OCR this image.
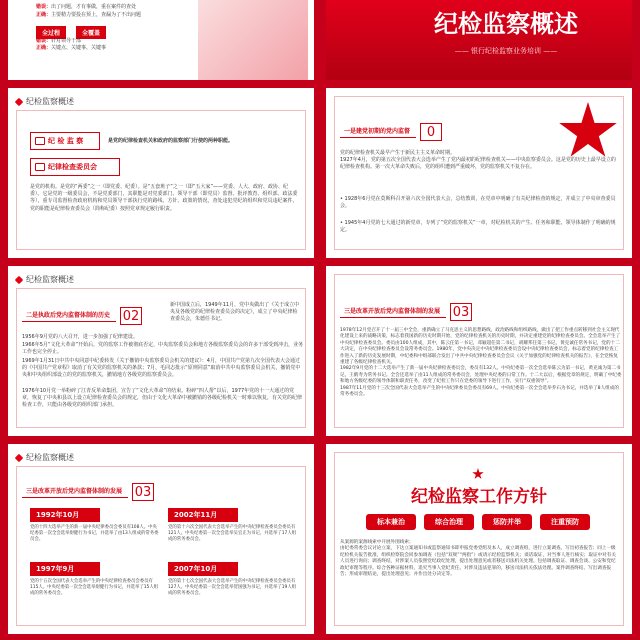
错误：出了问题，才有事做，重在案件的查处
正确：主要精力要投在预上，查漏为了不出问题
全过程	全覆盖
错误：针对领导干部
正确：关键点、关键事、关键事
纪检监察概述
—— 银行纪检监察业务培训 ——
纪检监察概述
纪 检 监 察	是党的纪律检查机关和政府的监察部门行使的两种职能。
纪律检查委员会
是党的机构。是党的“两委”之一（即党委、纪委）。是“五套班子”之一（即“五大家”——党委、人大、政府、政协、纪委）。它是党的一级委员会，不是党委部门，其职能是对党委部门、领导干部（即党员）监督、批评教育、组织部、政法委等），重专司监督检查政府机构和党员领导干部执行党的路线、方针、政策的情况，查处违犯党纪的组织和党员违纪案件，党的职能是纪律检查委员会（简称纪委）按照党章规定履行职责。
一是建党初期的党内监督	0
党的纪律检查机关最早产生于新民主主义革命时期。
1927年4月，党的第五次全国代表大会选举产生了党内最初的纪律检查机关——中央监察委员会。这是党的历史上最早设立的纪律检查机构。第一次大革命失败后，党的组织遭到严重破坏，党的监察机关不复存在。
• 1928年6月党在莫斯科召开第六次全国代表大会，总结教训，在党章中明确了有关纪律检查的规定，并成立了中央审查委员会。
• 1945年4月党的七大通过的新党章，专列了“党的监察机关”一章，对纪检机关的产生、任务和职能、领导体制作了明确的规定。
纪检监察概述
二是执政后党内监督体制的历史 02
新中国成立后，1949年11月，党中央做出了《关于成立中央及各级党的纪律检查委员会的决定》，成立了中央纪律检查委员会，朱德任书记。
1956年9月党的八大召开，进一步加强了纪律建设。
1966年5月“文化大革命”开始后，党的监察工作被彻底否定，中央监察委员会和地方各级监察委员会的许多干部受到冲击，业务工作也完全停止。
1969年1月31日中共中央同意中纪委转发《关于撤销中央监察委员会机关的建议》：4月，中国共产党第九次全国代表大会通过的《中国共产党章程》取消了有关党的监察机关的条款；7月，毛同志批示“原则同意”取消中共中央监察委员会机关，撤销党中央和中央组织部设立的党的监察机关，撤销地方各级党的监察委员会。
1976年10月党一举粉碎了江青反革命集团，宣告了“文化大革命”的结束。粉碎“四人帮”以后，1977年党的十一大通过的党章，恢复了中央和县以上设立纪律检查委员会的规定，但由于文化大革命中被撤销的各级纪检机关一时难以恢复，有关党的纪律检查工作，只能由各级党的组织部门承担。
三是改革开放后党内监督体制的发展 03
1978年12月党召开了十一届三中全会，重新确立了马克思主义的思想路线，政治路线和组织路线，做出了把工作重点转移到社会主义现代化建设上来的战略决策，标志着我国新的历史时期开始，党的纪律检查机关的历史时期，并决定重建党的纪律检查委员会。全会选举产生了中央纪律检查委员会。委员由100人组成，其中，陈云任第一书记，邓颖超任第二书记，胡耀邦任第三书记，黄克诚任常务书记，党的十二大决定，在中央纪律检查委员会设常务委员会。1980年，党中央决定中央纪律检查委员会设中央纪律检查委员会，标志着党的纪律检查工作进入了新的历史发展时期，中纪委和中组部联合发出了中共中央纪律检查委员会会议《关于加强党的纪律检查机关的报告》，在全党恢复重建了各级纪律检查机关。
1982年9月党的十二大选举产生了新一届中央纪律检查委员会，委员有132人。中央纪委第一次全会选举陈云为第一书记，黄克诚为第二书记，王鹤寿为常务书记。全会还选举了由11人组成的常务委员会，处理中央纪委的日常工作。十二大以后，根据党章的规定，明确了中纪委和地方各级纪委的领导体制和职责任务，改变了纪检工作只在党委的领导下进行工作，实行“双重领导”。
1987年11月党的十三次全国代表大会选举产生的中央纪律委员会委员有69人。中央纪委第一次全会选举乔石为书记，并选举了8人组成的常务委员会。
纪检监察概述
三是改革开放后党内监督体制的发展 03
1992年10月
党的十四大选举产生的新一届中央纪律委员会委员有108人。中央纪委第一次全会选举尉健行为书记，并选举了由13人组成的常务委员会。
2002年11月
党的第十六次全国代表大会选举产生的中央纪律检查委员会委员有121人。中央纪委第一次全会选举吴官正为书记，并选举了17人组成的常务委员会。
1997年9月
党的十五次全国代表大会选举产生的中央纪律检查委员会委员有115人。中央纪委第一次全会选举尉健行为书记，并选举了15人组成的常务委员会。
2007年10月
党的第十七次全国代表大会选举产生的中央纪律检查委员会委员有127人。中央纪委第一次全会选举贺国强为书记，并选举了19人组成的常务委员会。
纪检监察工作方针
标本兼治	综合治理	惩防并举	注重预防
从案源的案源线索中开展外围线索；
由纪委常委会议讨论立案，下达立案通知书或监察通知书即申报党委党组及本人，成立调查组，进行立案调查。写出初查报告；同上一级纪检机关报告批准，组织检察院会同参加调查（包括“双规”“两指”）或请示纪检监察机关；谈话取证，对当事人进行核实；取证中对有关人员进行询问；调查终结，对涉案人员依照党纪政纪处理，提出处理意见或者移送司法机关处理。包括调查取证、调查会谈、公安和党纪政纪审理等程序。综合各种证据材料，追究当事人党纪责任。对涉及违法犯罪的，移送司法机关依法处理。案件调查终结、写出调查报告；形成审理结论，提出处理意见；并作出处分决定等。
